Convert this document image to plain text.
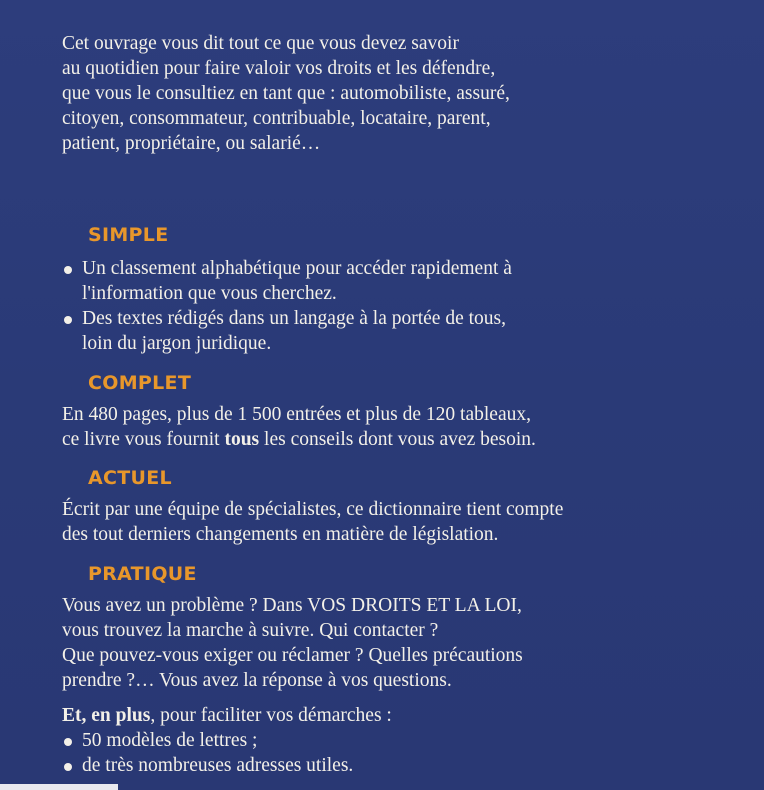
Cet ouvrage vous dit tout ce que vous devez savoir
au quotidien pour faire valoir vos droits et les défendre,
que vous le consultiez en tant que : automobiliste, assuré,
citoyen, consommateur, contribuable, locataire, parent,
patient, propriétaire, ou salarié…
SIMPLE
Un classement alphabétique pour accéder rapidement à
l'information que vous cherchez.
Des textes rédigés dans un langage à la portée de tous,
loin du jargon juridique.
COMPLET
En 480 pages, plus de 1 500 entrées et plus de 120 tableaux,
ce livre vous fournit tous les conseils dont vous avez besoin.
ACTUEL
Écrit par une équipe de spécialistes, ce dictionnaire tient compte
des tout derniers changements en matière de législation.
PRATIQUE
Vous avez un problème ? Dans VOS DROITS ET LA LOI,
vous trouvez la marche à suivre. Qui contacter ?
Que pouvez-vous exiger ou réclamer ? Quelles précautions
prendre ?… Vous avez la réponse à vos questions.
Et, en plus, pour faciliter vos démarches :
50 modèles de lettres ;
de très nombreuses adresses utiles.
